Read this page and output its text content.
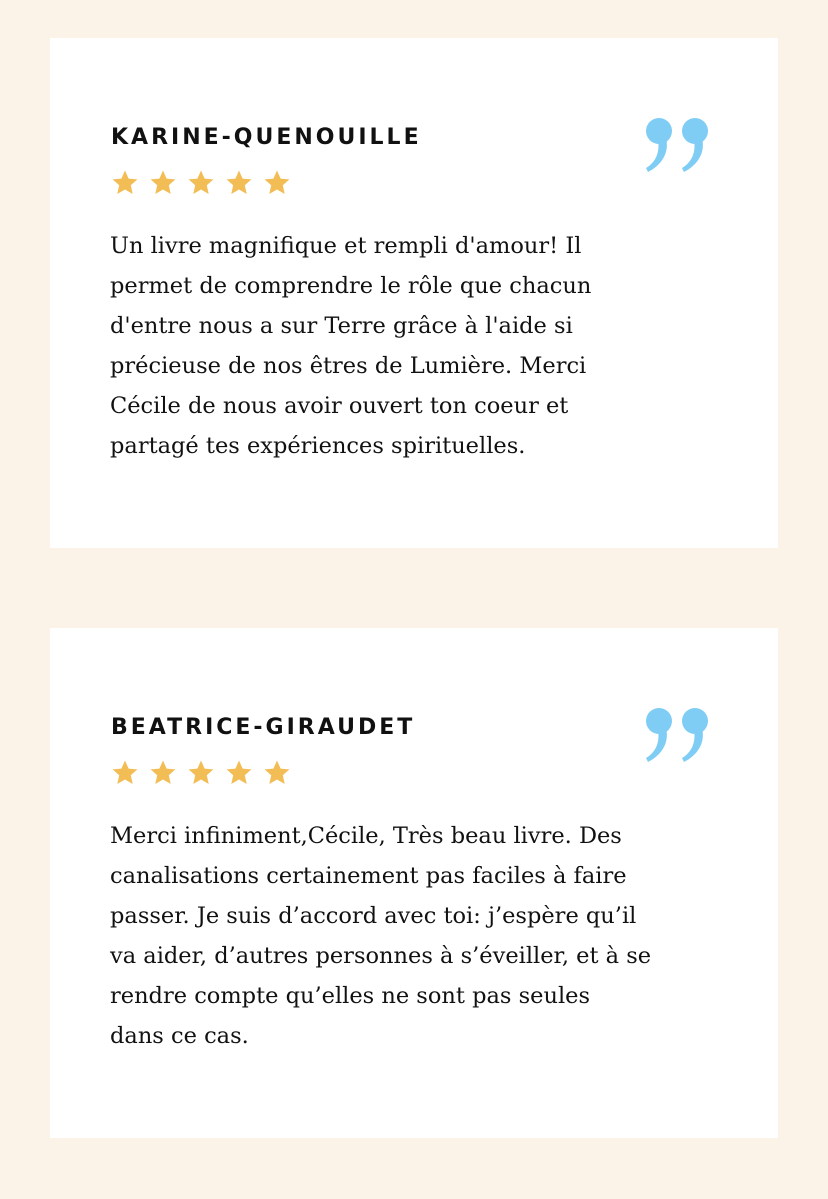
KARINE-QUENOUILLE

Un livre magnifique et rempli d'amour! Il
permet de comprendre le rôle que chacun
d'entre nous a sur Terre grâce à l'aide si
précieuse de nos êtres de Lumière. Merci
Cécile de nous avoir ouvert ton coeur et
partagé tes expériences spirituelles.

BEATRICE-GIRAUDET

Merci infiniment,Cécile, Très beau livre. Des
canalisations certainement pas faciles à faire
passer. Je suis d’accord avec toi: j’espère qu’il
va aider, d’autres personnes à s’éveiller, et à se
rendre compte qu’elles ne sont pas seules
dans ce cas.
